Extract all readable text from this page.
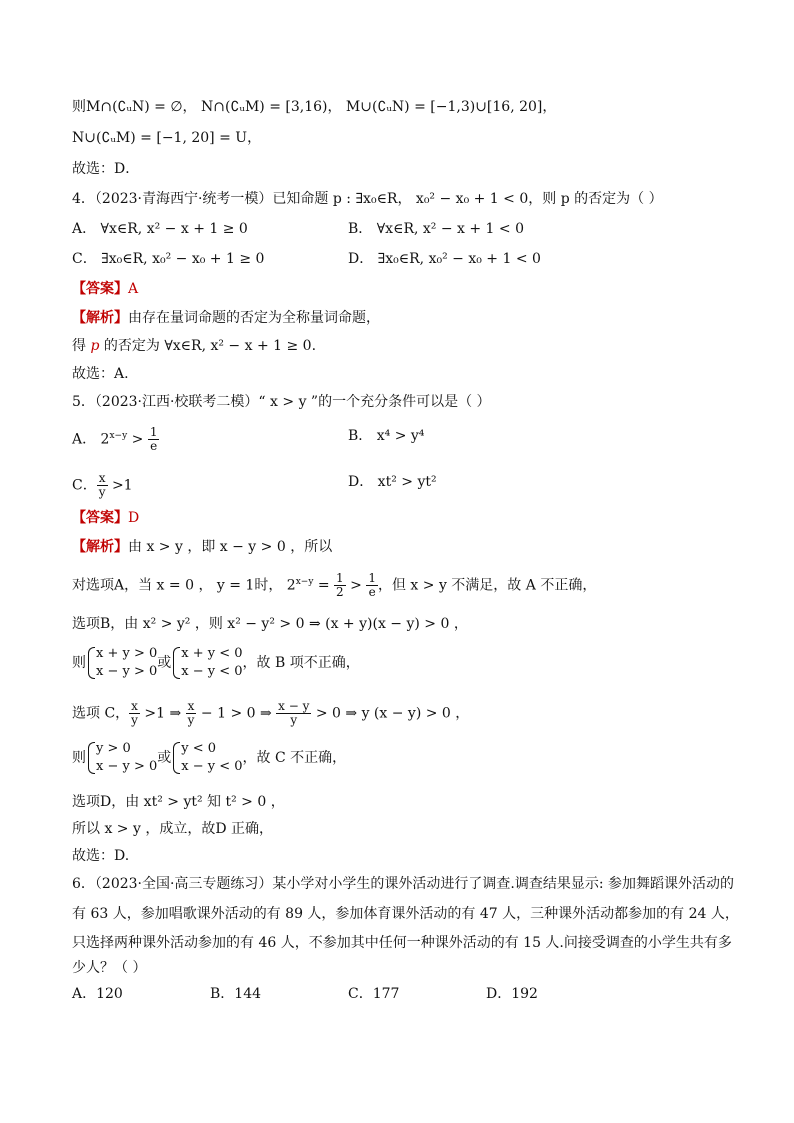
则M∩(∁ᵤN) = ∅， N∩(∁ᵤM) = [3,16)， M∪(∁ᵤN) = [−1,3)∪[16, 20]，
N∪(∁ᵤM) = [−1, 20] = U，
故选：D．
4．（2023·青海西宁·统考一模）已知命题 p : ∃x₀∈R， x₀² − x₀ + 1 < 0，则 p 的否定为（ ）
A． ∀x∈R, x² − x + 1 ≥ 0	B． ∀x∈R, x² − x + 1 < 0
C． ∃x₀∈R, x₀² − x₀ + 1 ≥ 0	D． ∃x₀∈R, x₀² − x₀ + 1 < 0
【答案】A
【解析】由存在量词命题的否定为全称量词命题，
得 p 的否定为 ∀x∈R, x² − x + 1 ≥ 0.
故选：A.
5．（2023·江西·校联考二模）“ x > y ”的一个充分条件可以是（ ）
A． $2^{x-y} > \frac{1}{e}$	B． x⁴ > y⁴
C． $\frac{x}{y} >1$	D． xt² > yt²
【答案】D
【解析】由 x > y ，即 x − y > 0 ，所以
对选项A，当 x = 0 ， y = 1时， $2^{x-y} = \frac{1}{2} > \frac{1}{e}$ ，但 x > y 不满足，故 A 不正确，
选项B，由 x² > y² ，则 x² − y² > 0 ⇒ (x + y)(x − y) > 0 ，
则
x + y > 0
x − y > 0
或
x + y < 0
x − y < 0
，故 B 项不正确，
选项 C， $\frac{x}{y} >1$ ⇒ $\frac{x}{y} - 1 > 0$ ⇒ $\frac{x - y}{y} > 0$ ⇒ y (x − y) > 0 ，
则
y > 0
x − y > 0
或
y < 0
x − y < 0
，故 C 不正确，
选项D，由 xt² > yt² 知 t² > 0 ，
所以 x > y ，成立，故D 正确，
故选：D.
6．（2023·全国·高三专题练习）某小学对小学生的课外活动进行了调查.调查结果显示: 参加舞蹈课外活动的
有 63 人，参加唱歌课外活动的有 89 人，参加体育课外活动的有 47 人，三种课外活动都参加的有 24 人，
只选择两种课外活动参加的有 46 人，不参加其中任何一种课外活动的有 15 人.问接受调查的小学生共有多
少人？（ ）
A．120	B．144	C．177	D．192
